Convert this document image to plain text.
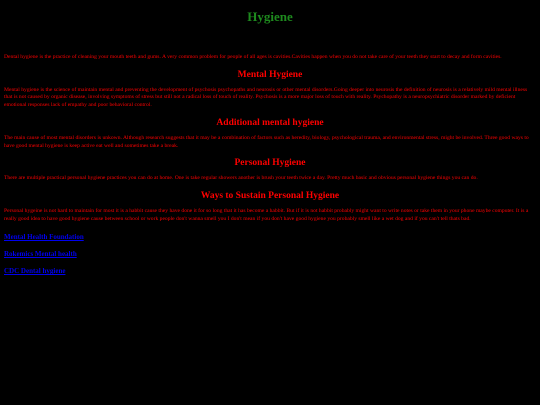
Hygiene

Dental hygiene is the practice of cleaning your mouth teeth and gums. A very common problem for people of all ages is cavities.Cavities happen when you do not take care of your teeth they start to decay and form cavities.

Mental Hygiene

Mental hygiene is the science of maintain mental and preventing the development of psychosis psychopaths and neurosis or other mental disorders.Going deeper into neurosis the definition of neurosis is a relatively mild mental illness that is not caused by organic disease, involving symptoms of stress but still not a radical loss of touch of reality. Psychosis is a more major loss of touch with reality. Psychopathy is a neuropsychiatric disorder marked by deficient emotional responses lack of empathy and poor behavioral control.

Additional mental hygiene

The main cause of most mental disorders is unkown. Although research suggests that it may be a combination of factors such as heredity, biology, psychological trauma, and environmental stress, might be involved. Three good ways to have good mental hygiene is keep active eat well and sometimes take a break.

Personal Hygiene

There are multiple practical personal hygiene practices you can do at home. One is take regular showers another is brush your teeth twice a day. Pretty much basic and obvious personal hygiene things you can do.

Ways to Sustain Personal Hygiene

Personal hygeine is not hard to maintain for most it is a habbit cause they have done it for so long that it has become a habbit. But if it is not habbit probably might want to write notes or take them in your phone maybe computer. It is a really good idea to have good hygiene cause between school or work people don't wanna smell you I don't mean if you don't have good hygiene you probably smell like a wet dog and if you can't tell thats bad.

Mental Health Foundation
Rokemics Mental health
CDC Dental hygiene
